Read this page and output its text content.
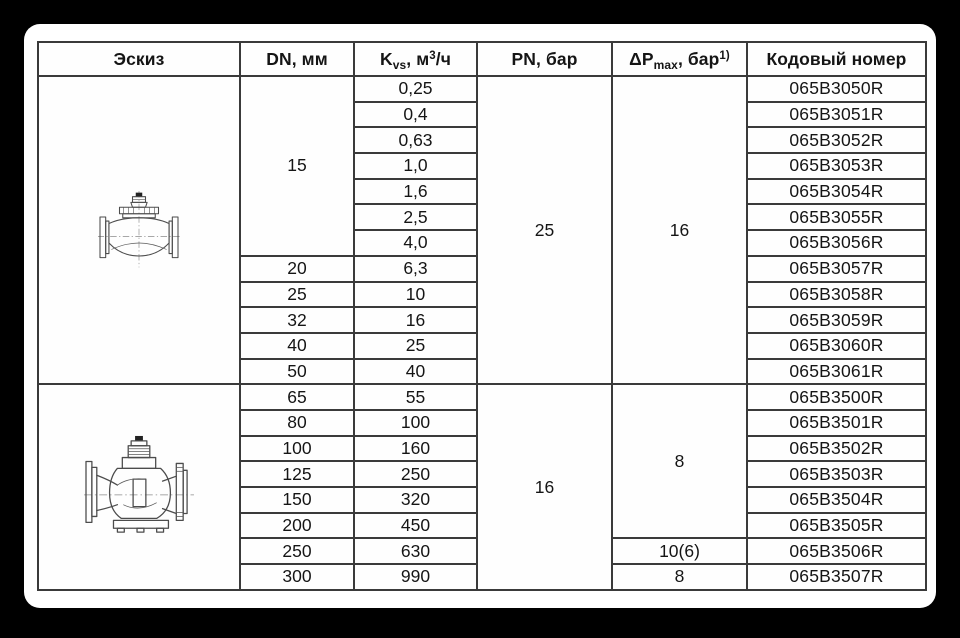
Эскиз	DN, мм	$K_{vs}$, $м^3/ч$	PN, бар	$\Delta P_{max}$, бар$^{1)}$	Кодовый номер

	15	0,25	25	16	065B3050R
		0,4			065B3051R
		0,63			065B3052R
		1,0			065B3053R
		1,6			065B3054R
		2,5			065B3055R
		4,0			065B3056R
	20	6,3			065B3057R
	25	10			065B3058R
	32	16			065B3059R
	40	25			065B3060R
	50	40			065B3061R

	65	55	16	8	065B3500R
	80	100			065B3501R
	100	160			065B3502R
	125	250			065B3503R
	150	320			065B3504R
	200	450			065B3505R
	250	630		10(6)	065B3506R
	300	990		8	065B3507R
